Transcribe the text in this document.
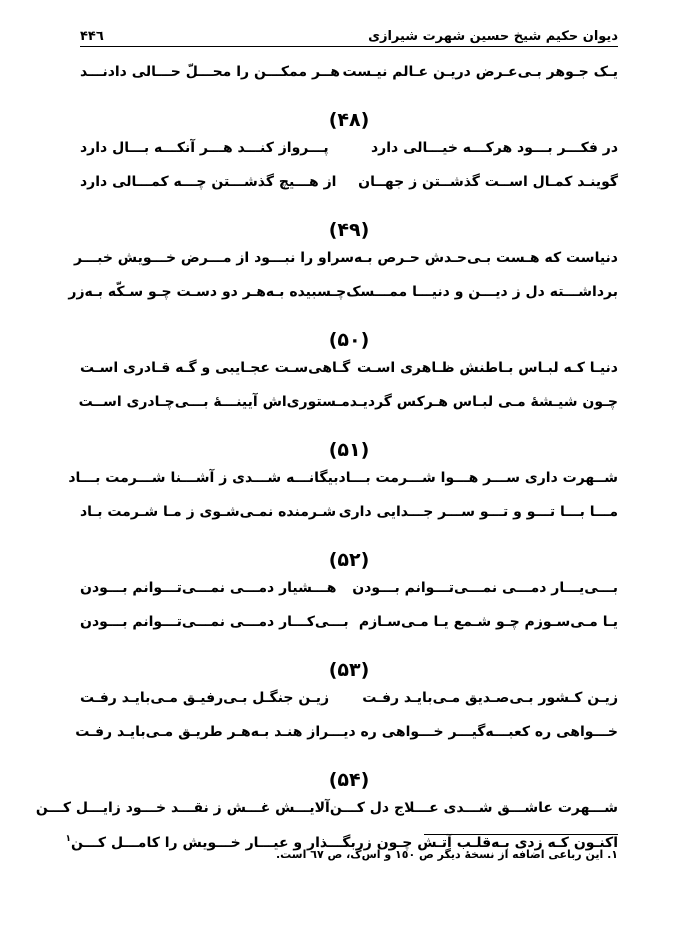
دیوان حکیم شیخ حسین شهرت شیرازی
۴۴٦
یـک جـوهر بـی‌عـرض دریـن عـالم نیـست
هــر ممکـــن را محـــلّ حـــالی دادنـــد
(۴۸)
در فکـــر بـــود هرکـــه خیـــالی دارد
پـــرواز کنـــد هـــر آنکـــه بـــال دارد
گوینـد کمـال اســت گذشــتن ز جهــان
از هـــیچ گذشـــتن چـــه کمـــالی دارد
(۴۹)
دنیاست که هـست بـی‌حـدش حـرص بـه‌سر
او را نبـــود از مـــرض خـــویش خبـــر
برداشـــته دل ز دیـــن و دنیـــا ممـــسک
چـسبیده بـه‌هـر دو دسـت چـو سـکّه بـه‌زر
(۵۰)
دنیـا کـه لبـاس بـاطنش ظـاهری اسـت
گـاهی‌سـت عجـایبی و گـه قـادری اسـت
چـون شیـشهٔ مـی لبـاس هـرکس گردیـد
مـستوری‌اش آیینـــهٔ بـــی‌چـادری اســت
(۵۱)
شــهرت داری ســـر هـــوا شـــرمت بـــاد
بیگانـــه شـــدی ز آشـــنا شـــرمت بـــاد
مـــا بـــا تـــو و تـــو ســـر جـــدایی داری
شـرمنده نمـی‌شـوی ز مـا شـرمت بـاد
(۵۲)
بـــی‌یـــار دمـــی نمـــی‌تـــوانم بـــودن
هـــشیار دمـــی نمـــی‌تـــوانم بـــودن
یـا مـی‌سـوزم چـو شـمع یـا مـی‌سـازم
بـــی‌کـــار دمـــی نمـــی‌تـــوانم بـــودن
(۵۳)
زیـن کـشور بـی‌صـدیق مـی‌بایـد رفـت
زیـن جنگـل بـی‌رفیـق مـی‌بایـد رفـت
خـــواهی ره کعبـــه‌گیـــر خـــواهی ره دیـــر
از هنـد بـه‌هـر طریـق مـی‌بایـد رفـت
(۵۴)
شـــهرت عاشـــق شـــدی عـــلاج دل کـــن
آلایـــش غـــش ز نقـــد خـــود زایـــل کـــن
اکنـون کـه زدی بـه‌قلـب آتـش چـون زر
بگـــذار و عیـــار خـــویش را کامـــل کـــن$^١$
١. این رباعی اضافه از نسخهٔ دیگر ص ١٥٠ و اس‌ک، ص ٦٧ است.
